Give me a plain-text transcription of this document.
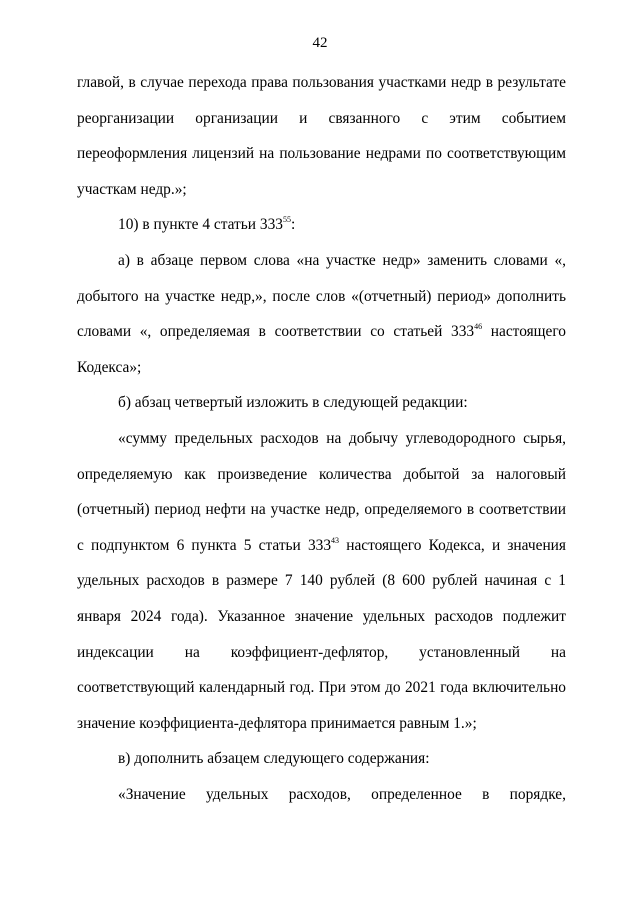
42

главой, в случае перехода права пользования участками недр в результате реорганизации организации и связанного с этим событием переоформления лицензий на пользование недрами по соответствующим участкам недр.»;

10) в пункте 4 статьи $333^{55}$:

а) в абзаце первом слова «на участке недр» заменить словами «, добытого на участке недр,», после слов «(отчетный) период» дополнить словами «, определяемая в соответствии со статьей $333^{46}$ настоящего Кодекса»;

б) абзац четвертый изложить в следующей редакции:

«сумму предельных расходов на добычу углеводородного сырья, определяемую как произведение количества добытой за налоговый (отчетный) период нефти на участке недр, определяемого в соответствии с подпунктом 6 пункта 5 статьи $333^{43}$ настоящего Кодекса, и значения удельных расходов в размере 7 140 рублей (8 600 рублей начиная с 1 января 2024 года). Указанное значение удельных расходов подлежит индексации на коэффициент-дефлятор, установленный на соответствующий календарный год. При этом до 2021 года включительно значение коэффициента-дефлятора принимается равным 1.»;

в) дополнить абзацем следующего содержания:

«Значение удельных расходов, определенное в порядке,
